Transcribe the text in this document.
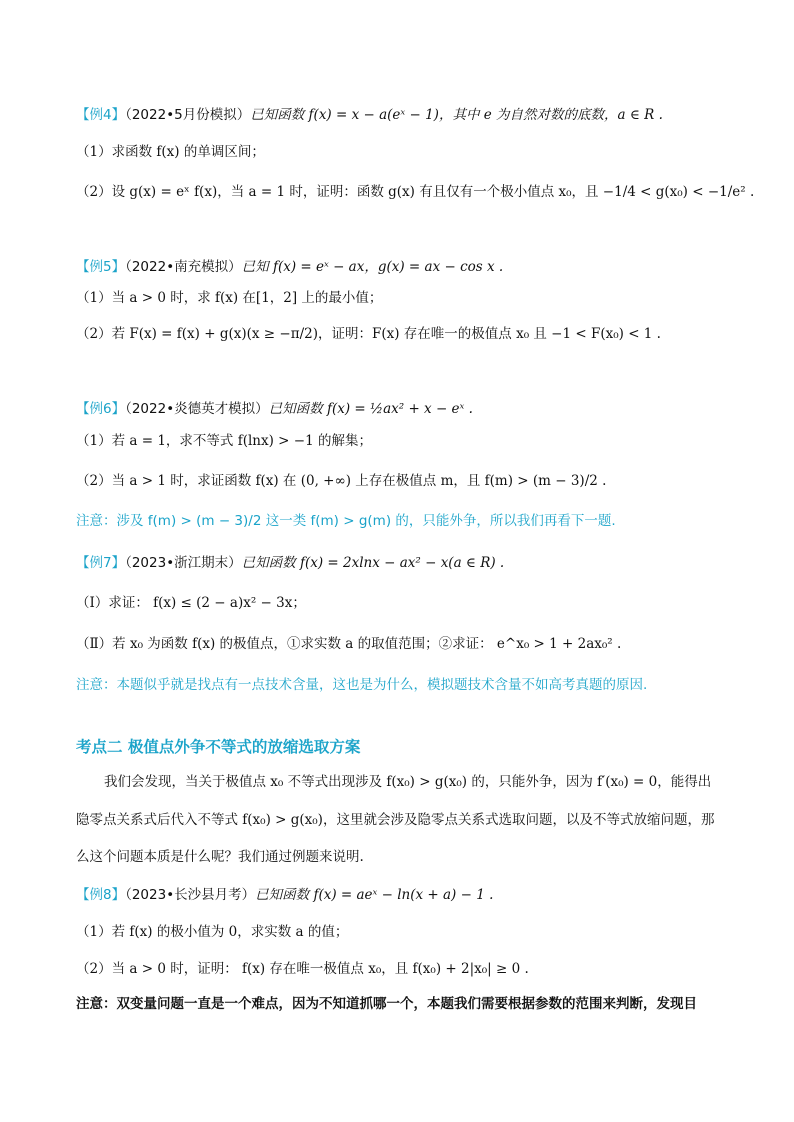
【例4】（2022•5月份模拟）已知函数 f(x) = x − a(eˣ − 1)，其中 e 为自然对数的底数，a ∈ R .
（1）求函数 f(x) 的单调区间；
（2）设 g(x) = eˣ f(x)，当 a = 1 时，证明：函数 g(x) 有且仅有一个极小值点 x₀，且 −1/4 < g(x₀) < −1/e² .
【例5】（2022•南充模拟）已知 f(x) = eˣ − ax，g(x) = ax − cos x .
（1）当 a > 0 时，求 f(x) 在[1，2] 上的最小值；
（2）若 F(x) = f(x) + g(x)(x ≥ −π/2)，证明：F(x) 存在唯一的极值点 x₀ 且 −1 < F(x₀) < 1 .
【例6】（2022•炎德英才模拟）已知函数 f(x) = ½ax² + x − eˣ .
（1）若 a = 1，求不等式 f(lnx) > −1 的解集；
（2）当 a > 1 时，求证函数 f(x) 在 (0, +∞) 上存在极值点 m，且 f(m) > (m − 3)/2 .
注意：涉及 f(m) > (m − 3)/2 这一类 f(m) > g(m) 的，只能外争，所以我们再看下一题.
【例7】（2023•浙江期末）已知函数 f(x) = 2xlnx − ax² − x(a ∈ R) .
（Ⅰ）求证： f(x) ≤ (2 − a)x² − 3x；
（Ⅱ）若 x₀ 为函数 f(x) 的极值点，①求实数 a 的取值范围；②求证： e^x₀ > 1 + 2ax₀² .
注意：本题似乎就是找点有一点技术含量，这也是为什么，模拟题技术含量不如高考真题的原因.
考点二 极值点外争不等式的放缩选取方案
我们会发现，当关于极值点 x₀ 不等式出现涉及 f(x₀) > g(x₀) 的，只能外争，因为 f′(x₀) = 0，能得出
隐零点关系式后代入不等式 f(x₀) > g(x₀)，这里就会涉及隐零点关系式选取问题，以及不等式放缩问题，那
么这个问题本质是什么呢？我们通过例题来说明.
【例8】（2023•长沙县月考）已知函数 f(x) = aeˣ − ln(x + a) − 1 .
（1）若 f(x) 的极小值为 0，求实数 a 的值；
（2）当 a > 0 时，证明： f(x) 存在唯一极值点 x₀，且 f(x₀) + 2|x₀| ≥ 0 .
注意：双变量问题一直是一个难点，因为不知道抓哪一个，本题我们需要根据参数的范围来判断，发现目
